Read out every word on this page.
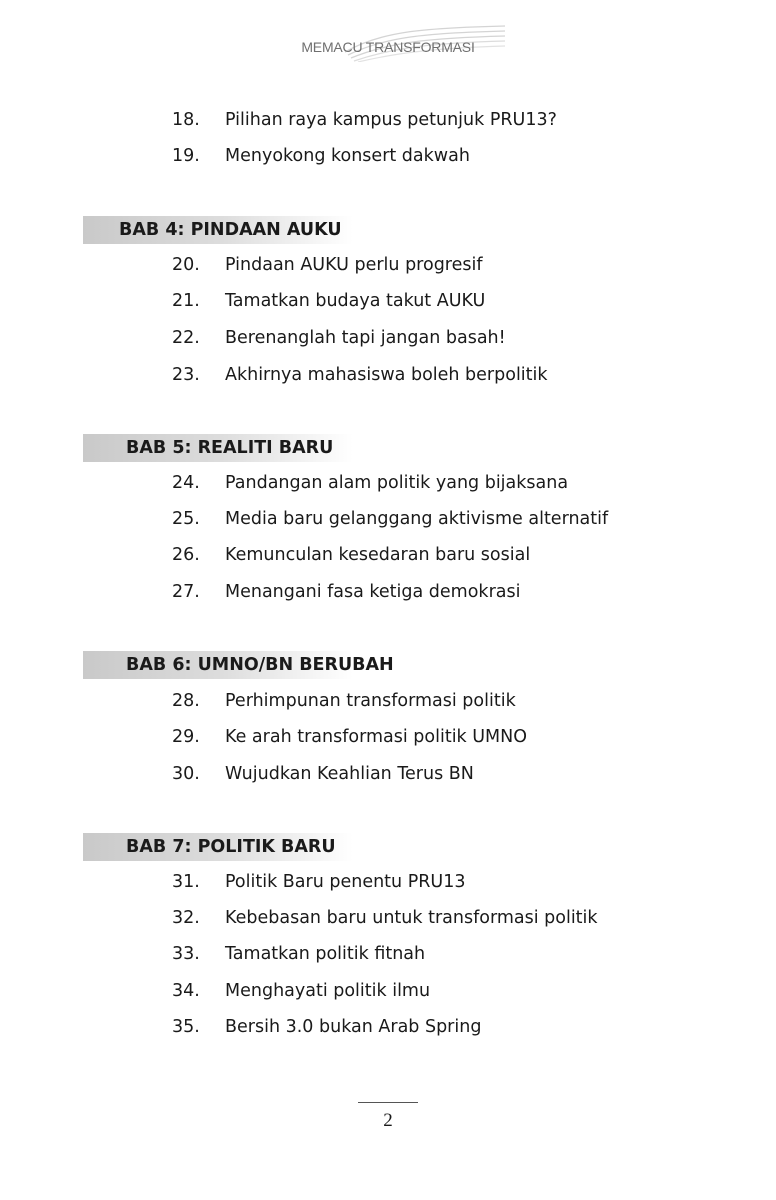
MEMACU TRANSFORMASI
18.	Pilihan raya kampus petunjuk PRU13?
19.	Menyokong konsert dakwah
BAB 4: PINDAAN AUKU
20.	Pindaan AUKU perlu progresif
21.	Tamatkan budaya takut AUKU
22.	Berenanglah tapi jangan basah!
23.	Akhirnya mahasiswa boleh berpolitik
BAB 5: REALITI BARU
24.	Pandangan alam politik yang bijaksana
25.	Media baru gelanggang aktivisme alternatif
26.	Kemunculan kesedaran baru sosial
27.	Menangani fasa ketiga demokrasi
BAB 6: UMNO/BN BERUBAH
28.	Perhimpunan transformasi politik
29.	Ke arah transformasi politik UMNO
30.	Wujudkan Keahlian Terus BN
BAB 7: POLITIK BARU
31.	Politik Baru penentu PRU13
32.	Kebebasan baru untuk transformasi politik
33.	Tamatkan politik fitnah
34.	Menghayati politik ilmu
35.	Bersih 3.0 bukan Arab Spring
2
